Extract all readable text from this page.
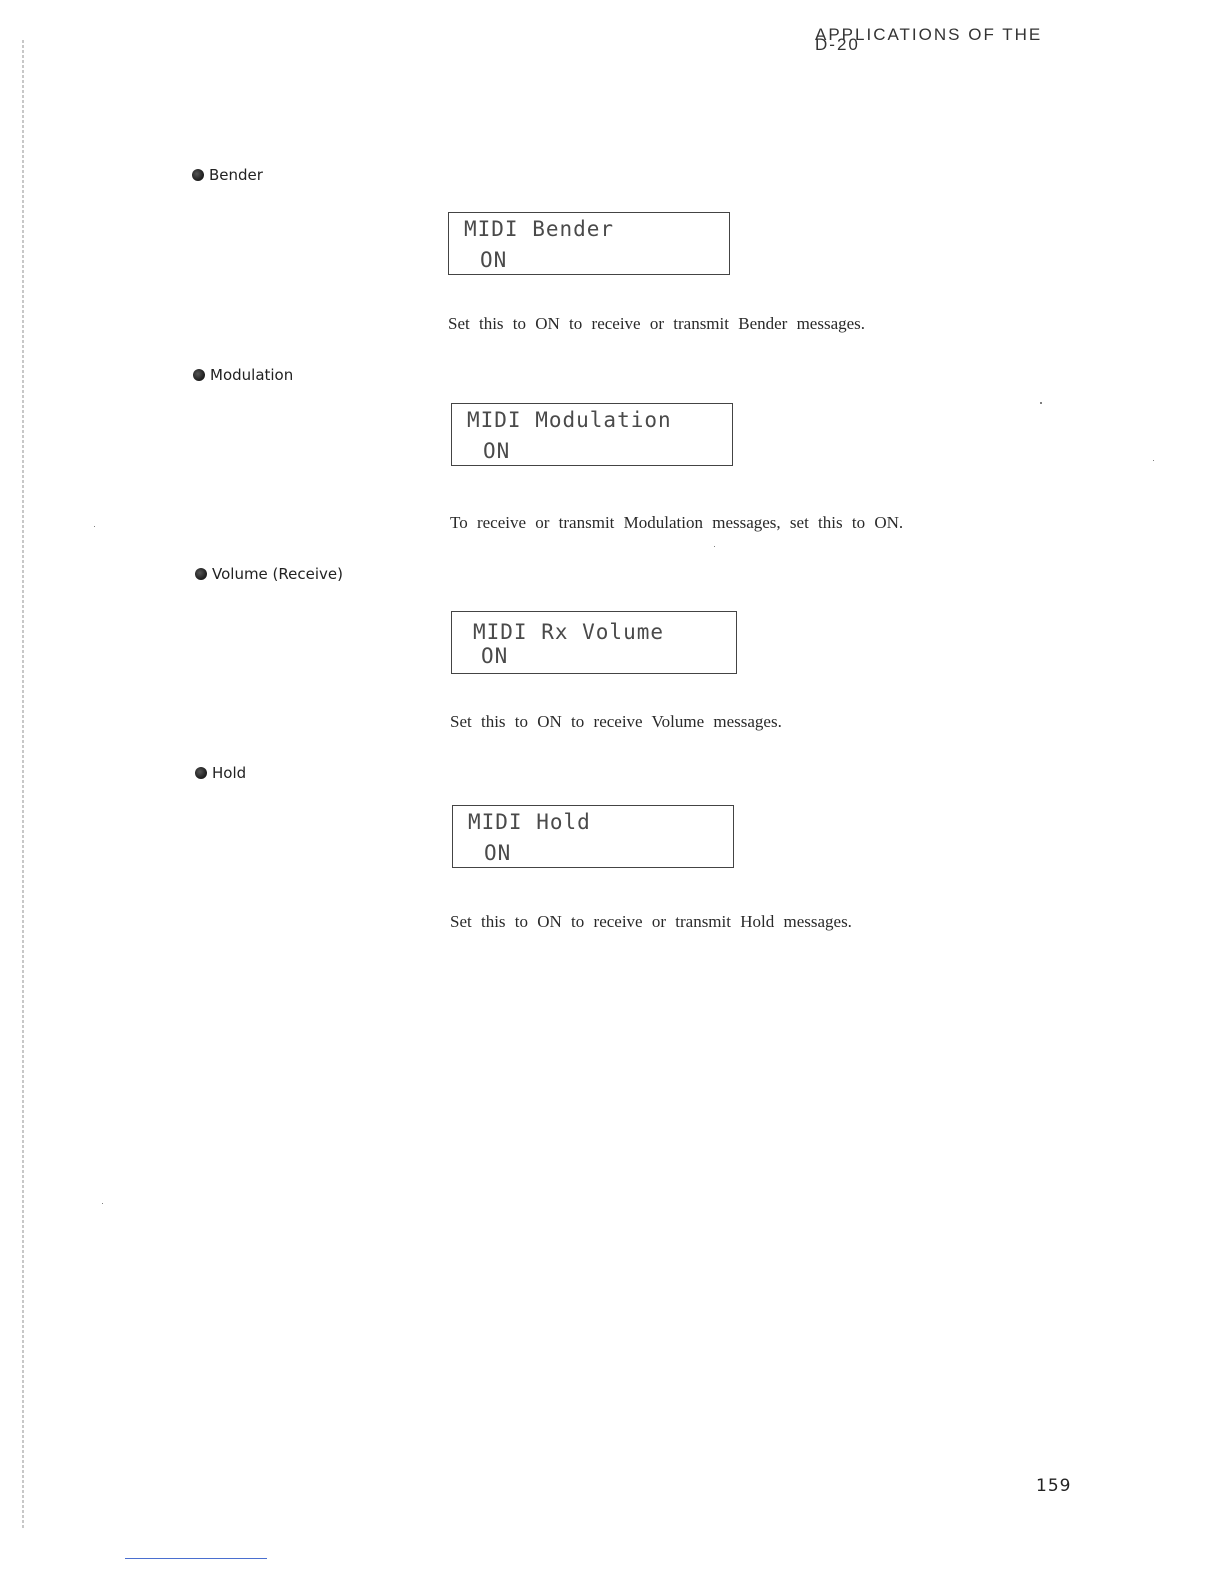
APPLICATIONS OF THE D-20
Bender
MIDI Bender
ON
Set this to ON to receive or transmit Bender messages.
Modulation
MIDI Modulation
ON
To receive or transmit Modulation messages, set this to ON.
Volume (Receive)
MIDI Rx Volume
ON
Set this to ON to receive Volume messages.
Hold
MIDI Hold
ON
Set this to ON to receive or transmit Hold messages.
159
